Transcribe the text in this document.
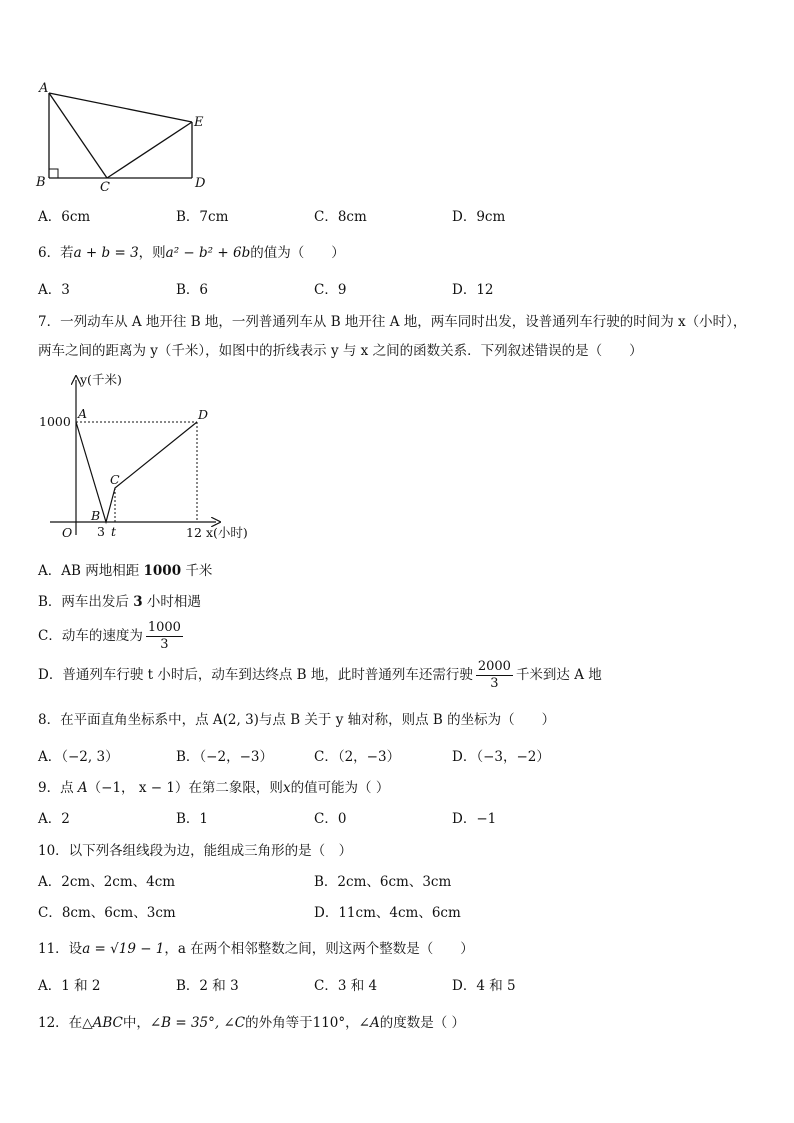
A
B	C	D
E
A．6cm	B．7cm	C．8cm	D．9cm
6．若a + b = 3，则a² − b² + 6b的值为（　　）
A．3	B．6	C．9	D．12
7．一列动车从 A 地开往 B 地，一列普通列车从 B 地开往 A 地，两车同时出发，设普通列车行驶的时间为 x（小时），
两车之间的距离为 y（千米），如图中的折线表示 y 与 x 之间的函数关系．下列叙述错误的是（　　）
y(千米)
1000
A	D
C
B
O 3 t	12 x(小时)
A．AB 两地相距 1000 千米
B．两车出发后 3 小时相遇
C．动车的速度为 $\frac{1000}{3}$
D．普通列车行驶 t 小时后，动车到达终点 B 地，此时普通列车还需行驶 $\frac{2000}{3}$ 千米到达 A 地
8．在平面直角坐标系中，点 A(2, 3)与点 B 关于 y 轴对称，则点 B 的坐标为（　　）
A．（−2, 3）	B．（−2，−3）	C．（2，−3）	D．（−3，−2）
9．点 A（−1， x − 1）在第二象限，则x的值可能为（ ）
A．2	B．1	C．0	D．−1
10．以下列各组线段为边，能组成三角形的是（　）
A．2cm、2cm、4cm	B．2cm、6cm、3cm
C．8cm、6cm、3cm	D．11cm、4cm、6cm
11．设a = √19 − 1，a 在两个相邻整数之间，则这两个整数是（　　）
A．1 和 2	B．2 和 3	C．3 和 4	D．4 和 5
12．在△ABC中，∠B = 35°, ∠C的外角等于110°，∠A的度数是（ ）
